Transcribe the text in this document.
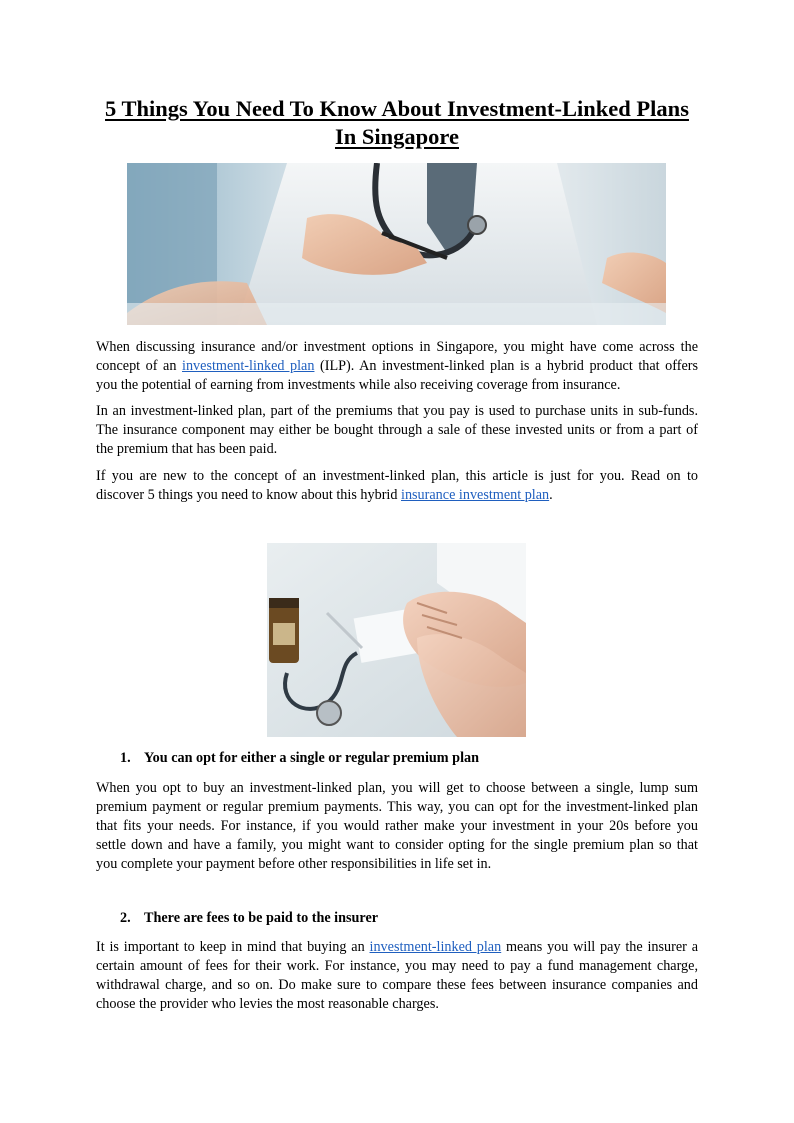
5 Things You Need To Know About Investment-Linked Plans
In Singapore
When discussing insurance and/or investment options in Singapore, you might have come across the
concept of an investment-linked plan (ILP). An investment-linked plan is a hybrid product that offers
you the potential of earning from investments while also receiving coverage from insurance.
In an investment-linked plan, part of the premiums that you pay is used to purchase units in sub-funds.
The insurance component may either be bought through a sale of these invested units or from a part of
the premium that has been paid.
If you are new to the concept of an investment-linked plan, this article is just for you. Read on to
discover 5 things you need to know about this hybrid insurance investment plan.
1. You can opt for either a single or regular premium plan
When you opt to buy an investment-linked plan, you will get to choose between a single, lump sum
premium payment or regular premium payments. This way, you can opt for the investment-linked plan
that fits your needs. For instance, if you would rather make your investment in your 20s before you
settle down and have a family, you might want to consider opting for the single premium plan so that
you complete your payment before other responsibilities in life set in.
2. There are fees to be paid to the insurer
It is important to keep in mind that buying an investment-linked plan means you will pay the insurer a
certain amount of fees for their work. For instance, you may need to pay a fund management charge,
withdrawal charge, and so on. Do make sure to compare these fees between insurance companies and
choose the provider who levies the most reasonable charges.
